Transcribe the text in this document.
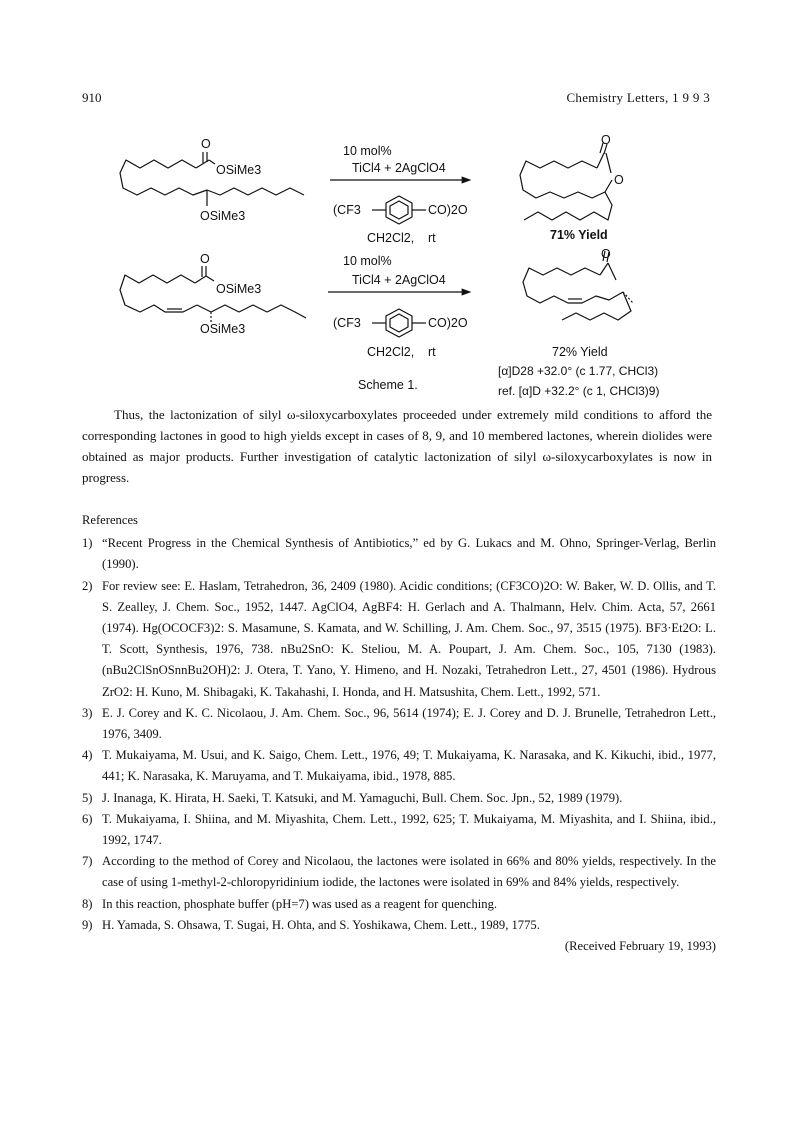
910	Chemistry Letters, 1 9 9 3
O
OSiMe3
OSiMe3
10 mol%
TiCl4 + 2AgClO4
(CF3	CO)2O
CH2Cl2, rt
O
O
71% Yield
O
OSiMe3
OSiMe3
10 mol%
TiCl4 + 2AgClO4
(CF3	CO)2O
CH2Cl2, rt
O
72% Yield
[α]D28 +32.0° (c 1.77, CHCl3)
ref. [α]D +32.2° (c 1, CHCl3)9)
Scheme 1.

Thus, the lactonization of silyl ω-siloxycarboxylates proceeded under extremely mild conditions to afford the corresponding lactones in good to high yields except in cases of 8, 9, and 10 membered lactones, wherein diolides were obtained as major products. Further investigation of catalytic lactonization of silyl ω-siloxycarboxylates is now in progress.

References
1) “Recent Progress in the Chemical Synthesis of Antibiotics,” ed by G. Lukacs and M. Ohno, Springer-Verlag, Berlin (1990).
2) For review see: E. Haslam, Tetrahedron, 36, 2409 (1980). Acidic conditions; (CF3CO)2O: W. Baker, W. D. Ollis, and T. S. Zealley, J. Chem. Soc., 1952, 1447. AgClO4, AgBF4: H. Gerlach and A. Thalmann, Helv. Chim. Acta, 57, 2661 (1974). Hg(OCOCF3)2: S. Masamune, S. Kamata, and W. Schilling, J. Am. Chem. Soc., 97, 3515 (1975). BF3·Et2O: L. T. Scott, Synthesis, 1976, 738. nBu2SnO: K. Steliou, M. A. Poupart, J. Am. Chem. Soc., 105, 7130 (1983). (nBu2ClSnOSnnBu2OH)2: J. Otera, T. Yano, Y. Himeno, and H. Nozaki, Tetrahedron Lett., 27, 4501 (1986). Hydrous ZrO2: H. Kuno, M. Shibagaki, K. Takahashi, I. Honda, and H. Matsushita, Chem. Lett., 1992, 571.
3) E. J. Corey and K. C. Nicolaou, J. Am. Chem. Soc., 96, 5614 (1974); E. J. Corey and D. J. Brunelle, Tetrahedron Lett., 1976, 3409.
4) T. Mukaiyama, M. Usui, and K. Saigo, Chem. Lett., 1976, 49; T. Mukaiyama, K. Narasaka, and K. Kikuchi, ibid., 1977, 441; K. Narasaka, K. Maruyama, and T. Mukaiyama, ibid., 1978, 885.
5) J. Inanaga, K. Hirata, H. Saeki, T. Katsuki, and M. Yamaguchi, Bull. Chem. Soc. Jpn., 52, 1989 (1979).
6) T. Mukaiyama, I. Shiina, and M. Miyashita, Chem. Lett., 1992, 625; T. Mukaiyama, M. Miyashita, and I. Shiina, ibid., 1992, 1747.
7) According to the method of Corey and Nicolaou, the lactones were isolated in 66% and 80% yields, respectively. In the case of using 1-methyl-2-chloropyridinium iodide, the lactones were isolated in 69% and 84% yields, respectively.
8) In this reaction, phosphate buffer (pH=7) was used as a reagent for quenching.
9) H. Yamada, S. Ohsawa, T. Sugai, H. Ohta, and S. Yoshikawa, Chem. Lett., 1989, 1775.
(Received February 19, 1993)
